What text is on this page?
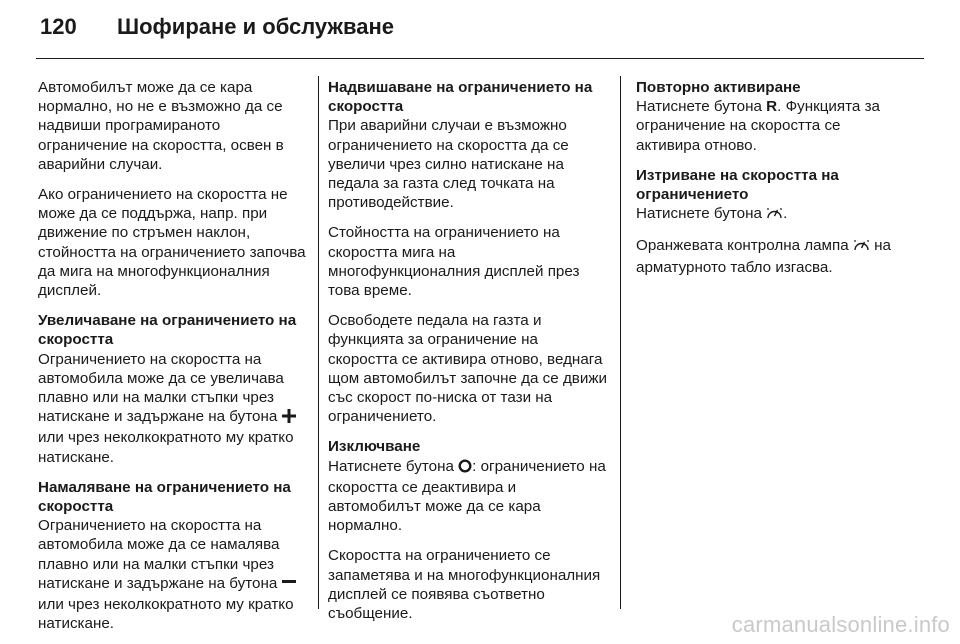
120 Шофиране и обслужване

Автомобилът може да се кара нормално, но не е възможно да се надвиши програмираното ограничение на скоростта, освен в аварийни случаи.

Ако ограничението на скоростта не може да се поддържа, напр. при движение по стръмен наклон, стойността на ограничението започва да мига на многофункционалния дисплей.

Увеличаване на ограничението на скоростта

Ограничението на скоростта на автомобила може да се увеличава плавно или на малки стъпки чрез натискане и задържане на бутона  или чрез неколкократното му кратко натискане.

Намаляване на ограничението на скоростта

Ограничението на скоростта на автомобила може да се намалява плавно или на малки стъпки чрез натискане и задържане на бутона  или чрез неколкократното му кратко натискане.

Надвишаване на ограничението на скоростта

При аварийни случаи е възможно ограничението на скоростта да се увеличи чрез силно натискане на педала за газта след точката на противодействие.

Стойността на ограничението на скоростта мига на многофункционалния дисплей през това време.

Освободете педала на газта и функцията за ограничение на скоростта се активира отново, веднага щом автомобилът започне да се движи със скорост по-ниска от тази на ограничението.

Изключване

Натиснете бутона : ограничението на скоростта се деактивира и автомобилът може да се кара нормално.

Скоростта на ограничението се запаметява и на многофункционалния дисплей се появява съответно съобщение.

Повторно активиране

Натиснете бутона R. Функцията за ограничение на скоростта се активира отново.

Изтриване на скоростта на ограничението

Натиснете бутона .

Оранжевата контролна лампа на арматурното табло изгасва.

carmanualsonline.info
